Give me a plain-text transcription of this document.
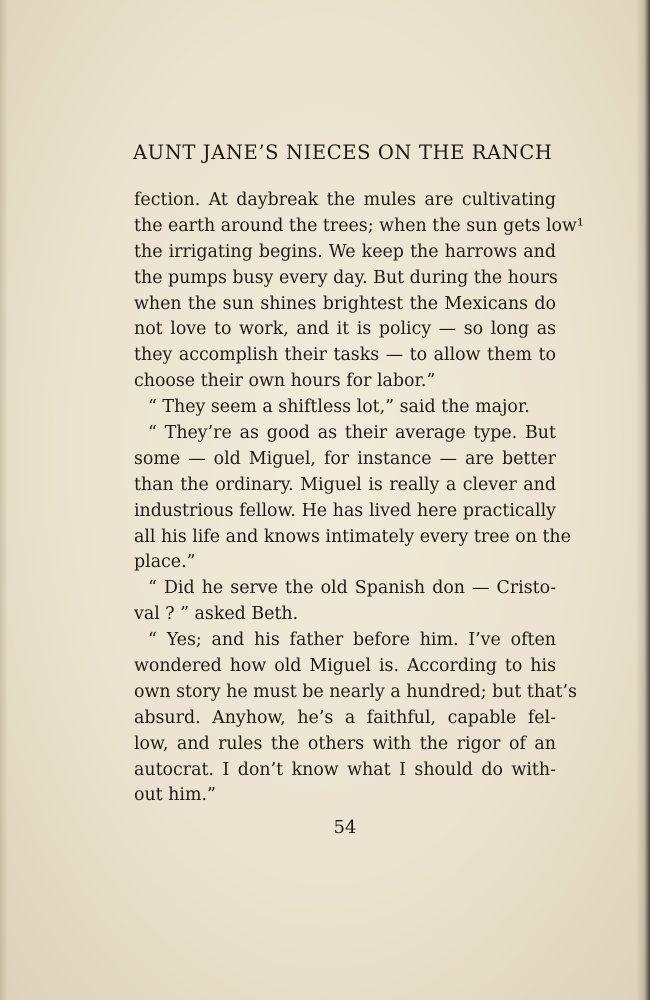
AUNT JANE’S NIECES ON THE RANCH
fection. At daybreak the mules are cultivating
the earth around the trees; when the sun gets low¹
the irrigating begins. We keep the harrows and
the pumps busy every day. But during the hours
when the sun shines brightest the Mexicans do
not love to work, and it is policy — so long as
they accomplish their tasks — to allow them to
choose their own hours for labor.”
“ They seem a shiftless lot,” said the major.
“ They’re as good as their average type. But
some — old Miguel, for instance — are better
than the ordinary. Miguel is really a clever and
industrious fellow. He has lived here practically
all his life and knows intimately every tree on the
place.”
“ Did he serve the old Spanish don — Cristo-
val ? ” asked Beth.
“ Yes; and his father before him. I’ve often
wondered how old Miguel is. According to his
own story he must be nearly a hundred; but that’s
absurd. Anyhow, he’s a faithful, capable fel-
low, and rules the others with the rigor of an
autocrat. I don’t know what I should do with-
out him.”
54
